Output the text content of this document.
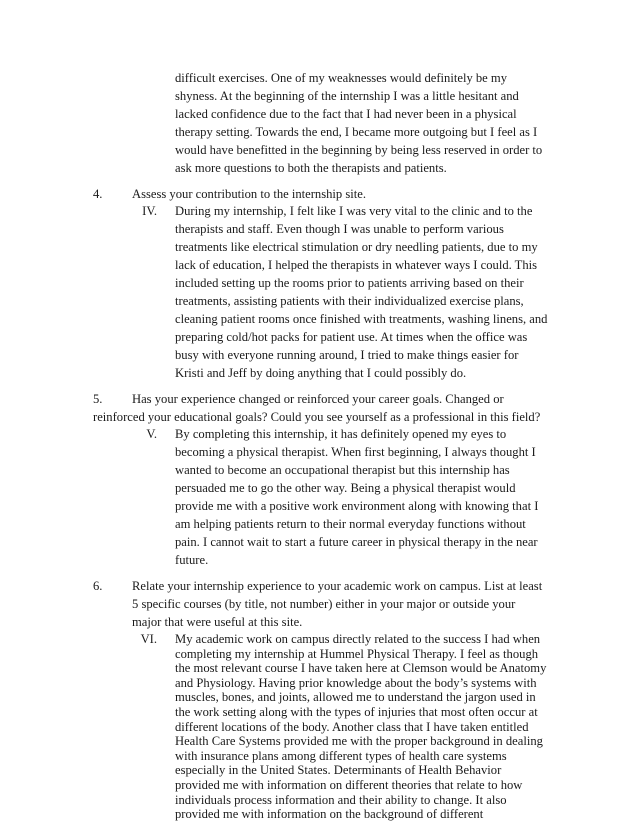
difficult exercises. One of my weaknesses would definitely be my
shyness. At the beginning of the internship I was a little hesitant and
lacked confidence due to the fact that I had never been in a physical
therapy setting. Towards the end, I became more outgoing but I feel as I
would have benefitted in the beginning by being less reserved in order to
ask more questions to both the therapists and patients.
4. Assess your contribution to the internship site.
IV. During my internship, I felt like I was very vital to the clinic and to the
therapists and staff. Even though I was unable to perform various
treatments like electrical stimulation or dry needling patients, due to my
lack of education, I helped the therapists in whatever ways I could. This
included setting up the rooms prior to patients arriving based on their
treatments, assisting patients with their individualized exercise plans,
cleaning patient rooms once finished with treatments, washing linens, and
preparing cold/hot packs for patient use. At times when the office was
busy with everyone running around, I tried to make things easier for
Kristi and Jeff by doing anything that I could possibly do.
5. Has your experience changed or reinforced your career goals. Changed or
reinforced your educational goals? Could you see yourself as a professional in this field?
V. By completing this internship, it has definitely opened my eyes to
becoming a physical therapist. When first beginning, I always thought I
wanted to become an occupational therapist but this internship has
persuaded me to go the other way. Being a physical therapist would
provide me with a positive work environment along with knowing that I
am helping patients return to their normal everyday functions without
pain. I cannot wait to start a future career in physical therapy in the near
future.
6. Relate your internship experience to your academic work on campus. List at least
5 specific courses (by title, not number) either in your major or outside your
major that were useful at this site.
VI. My academic work on campus directly related to the success I had when
completing my internship at Hummel Physical Therapy. I feel as though
the most relevant course I have taken here at Clemson would be Anatomy
and Physiology. Having prior knowledge about the body’s systems with
muscles, bones, and joints, allowed me to understand the jargon used in
the work setting along with the types of injuries that most often occur at
different locations of the body. Another class that I have taken entitled
Health Care Systems provided me with the proper background in dealing
with insurance plans among different types of health care systems
especially in the United States. Determinants of Health Behavior
provided me with information on different theories that relate to how
individuals process information and their ability to change. It also
provided me with information on the background of different
